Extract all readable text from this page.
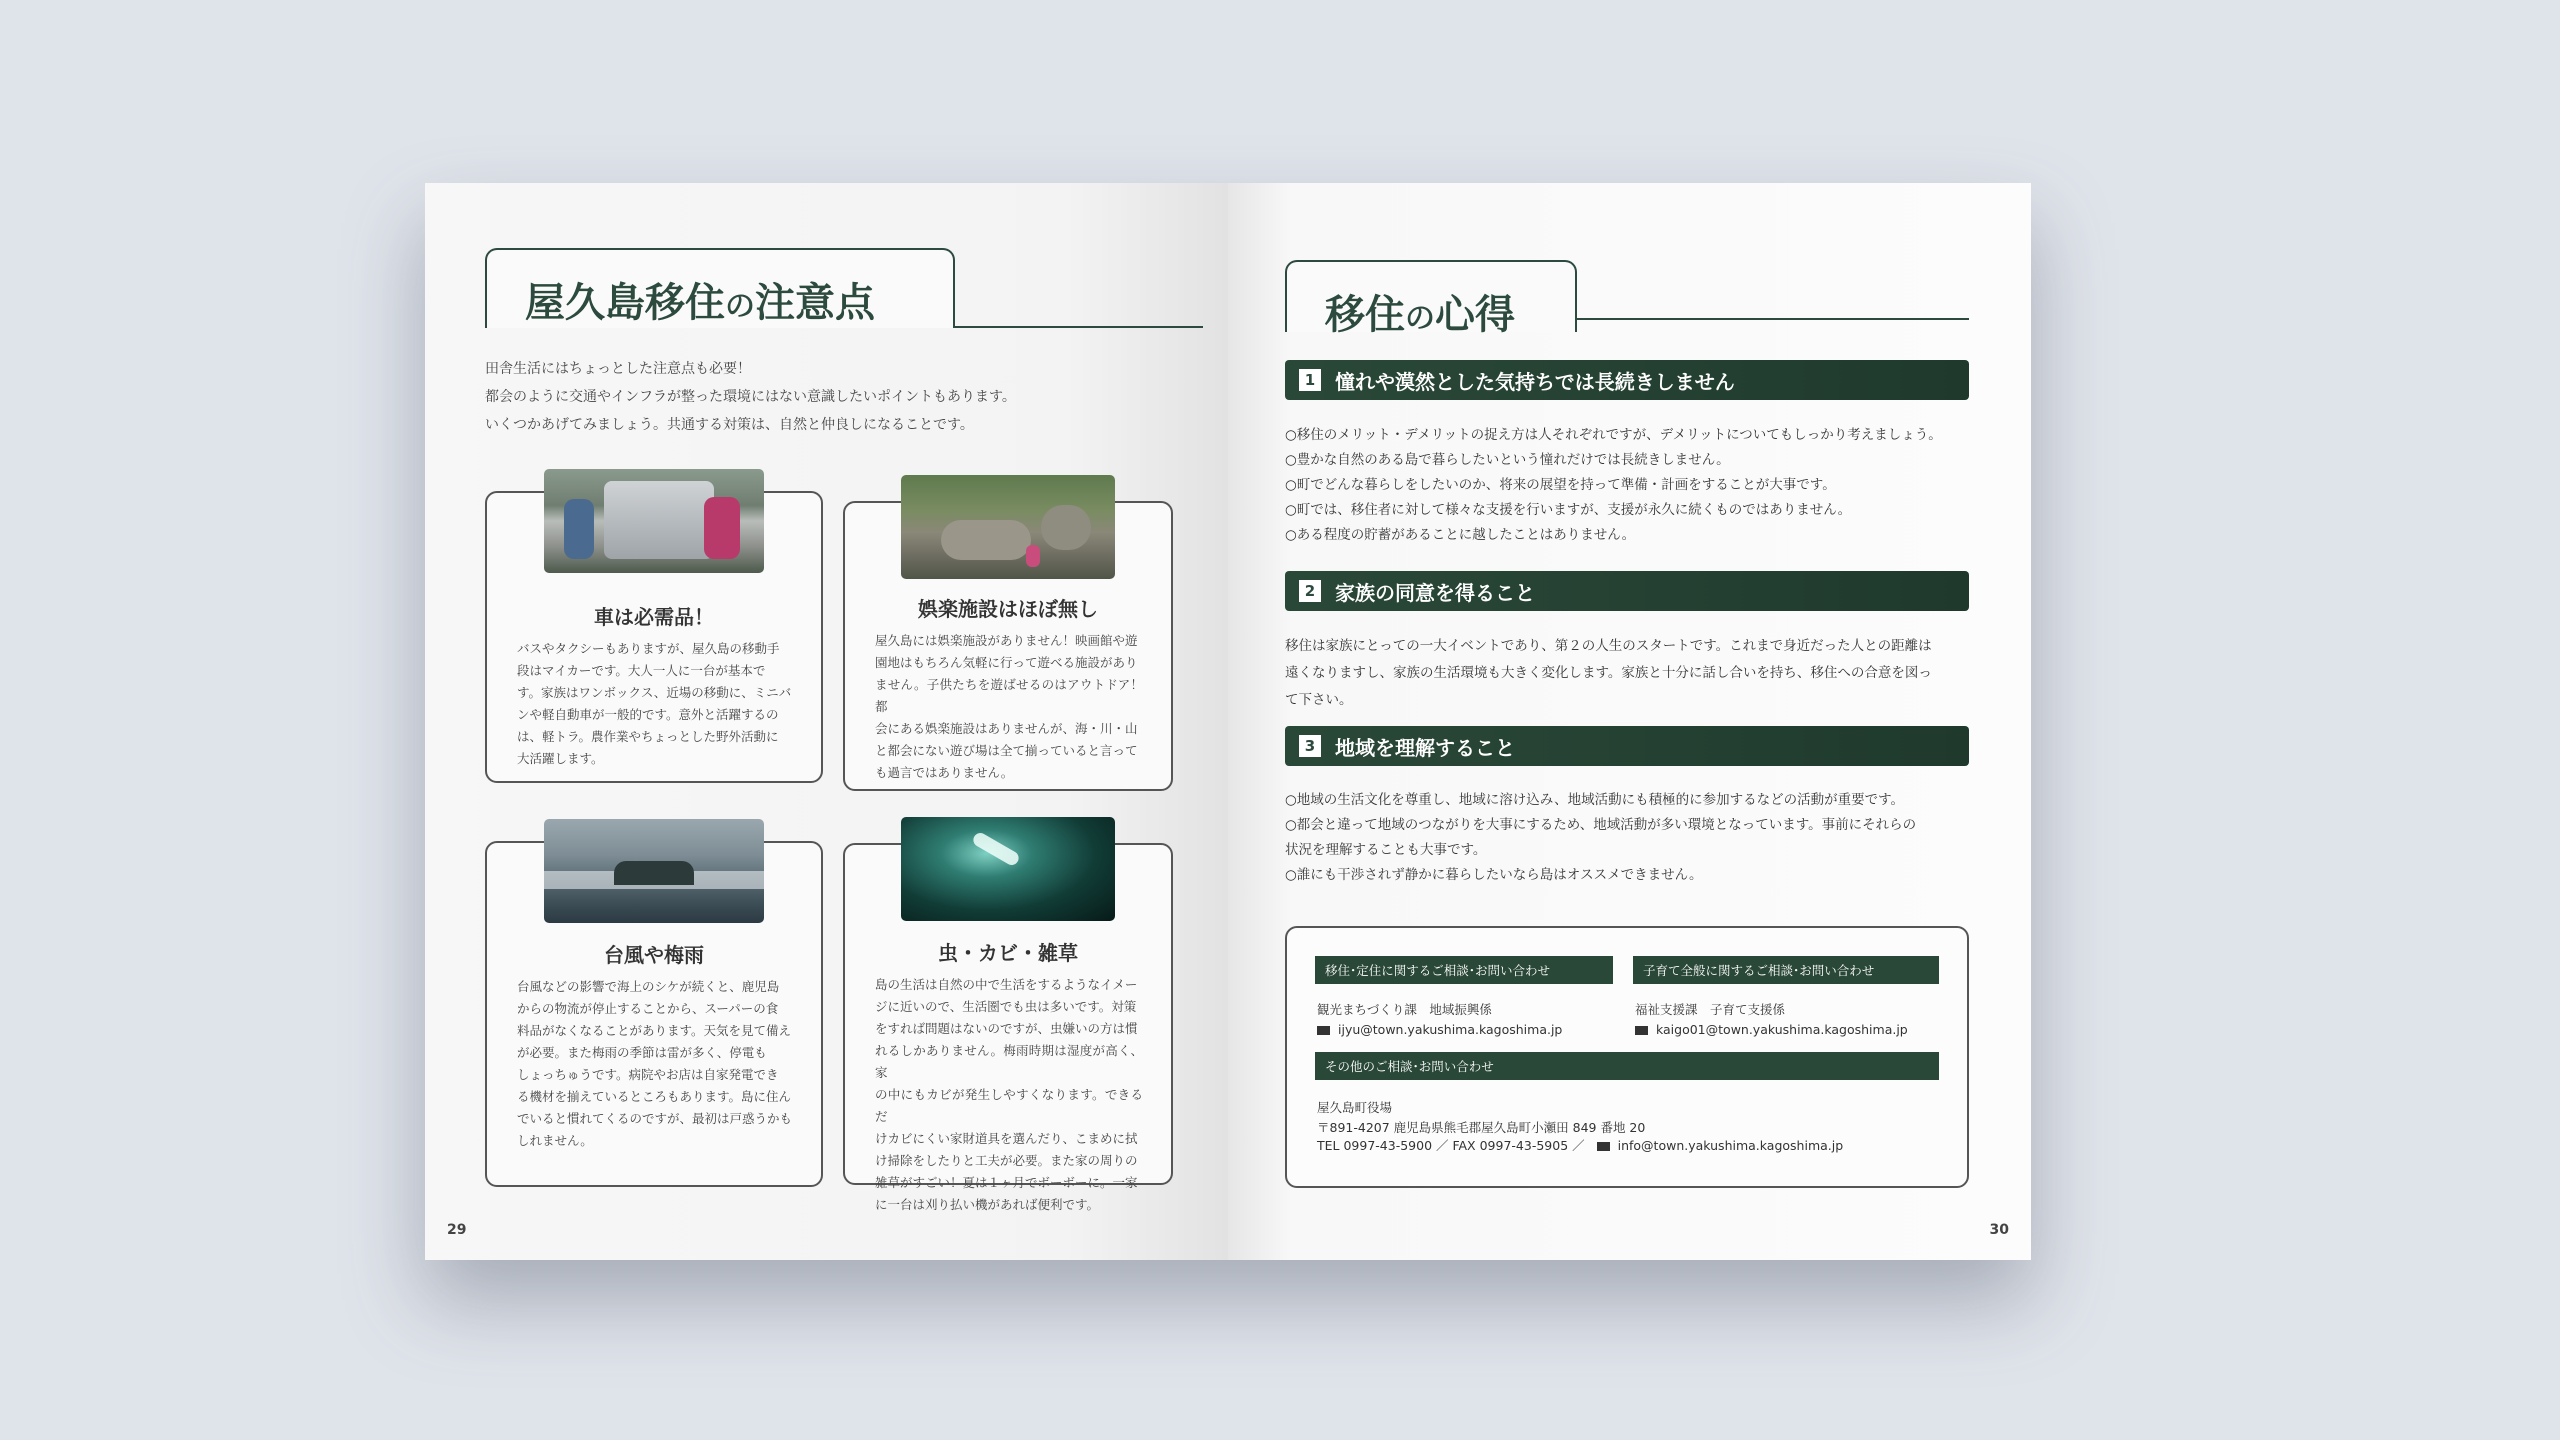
屋久島移住の注意点

田舎生活にはちょっとした注意点も必要！

都会のように交通やインフラが整った環境にはない意識したいポイントもあります。

いくつかあげてみましょう。共通する対策は、自然と仲良しになることです。

車は必需品！
バスやタクシーもありますが、屋久島の移動手
段はマイカーです。大人一人に一台が基本で
す。家族はワンボックス、近場の移動に、ミニバ
ンや軽自動車が一般的です。意外と活躍するの
は、軽トラ。農作業やちょっとした野外活動に
大活躍します。
娯楽施設はほぼ無し
屋久島には娯楽施設がありません！映画館や遊
園地はもちろん気軽に行って遊べる施設があり
ません。子供たちを遊ばせるのはアウトドア！都
会にある娯楽施設はありませんが、海・川・山
と都会にない遊び場は全て揃っていると言って
も過言ではありません。
台風や梅雨
台風などの影響で海上のシケが続くと、鹿児島
からの物流が停止することから、スーパーの食
料品がなくなることがあります。天気を見て備え
が必要。また梅雨の季節は雷が多く、停電も
しょっちゅうです。病院やお店は自家発電でき
る機材を揃えているところもあります。島に住ん
でいると慣れてくるのですが、最初は戸惑うかも
しれません。
虫・カビ・雑草
島の生活は自然の中で生活をするようなイメー
ジに近いので、生活圏でも虫は多いです。対策
をすれば問題はないのですが、虫嫌いの方は慣
れるしかありません。梅雨時期は湿度が高く、家
の中にもカビが発生しやすくなります。できるだ
けカビにくい家財道具を選んだり、こまめに拭
け掃除をしたりと工夫が必要。また家の周りの
雑草がすごい！夏は１ヶ月でボーボーに。一家
に一台は刈り払い機があれば便利です。
29	30
移住の心得
1 憧れや漠然とした気持ちでは長続きしません

○移住のメリット・デメリットの捉え方は人それぞれですが、デメリットについてもしっかり考えましょう。

○豊かな自然のある島で暮らしたいという憧れだけでは長続きしません。

○町でどんな暮らしをしたいのか、将来の展望を持って準備・計画をすることが大事です。

○町では、移住者に対して様々な支援を行いますが、支援が永久に続くものではありません。

○ある程度の貯蓄があることに越したことはありません。

2 家族の同意を得ること
移住は家族にとっての一大イベントであり、第２の人生のスタートです。これまで身近だった人との距離は
遠くなりますし、家族の生活環境も大きく変化します。家族と十分に話し合いを持ち、移住への合意を図っ
て下さい。
3 地域を理解すること

○地域の生活文化を尊重し、地域に溶け込み、地域活動にも積極的に参加するなどの活動が重要です。

○都会と違って地域のつながりを大事にするため、地域活動が多い環境となっています。事前にそれらの

状況を理解することも大事です。

○誰にも干渉されず静かに暮らしたいなら島はオススメできません。

移住･定住に関するご相談･お問い合わせ
観光まちづくり課　地域振興係
ijyu@town.yakushima.kagoshima.jp
子育て全般に関するご相談･お問い合わせ
福祉支援課　子育て支援係
kaigo01@town.yakushima.kagoshima.jp
その他のご相談･お問い合わせ
屋久島町役場
〒891-4207 鹿児島県熊毛郡屋久島町小瀬田 849 番地 20
TEL 0997-43-5900 ／ FAX 0997-43-5905 ／	info@town.yakushima.kagoshima.jp
